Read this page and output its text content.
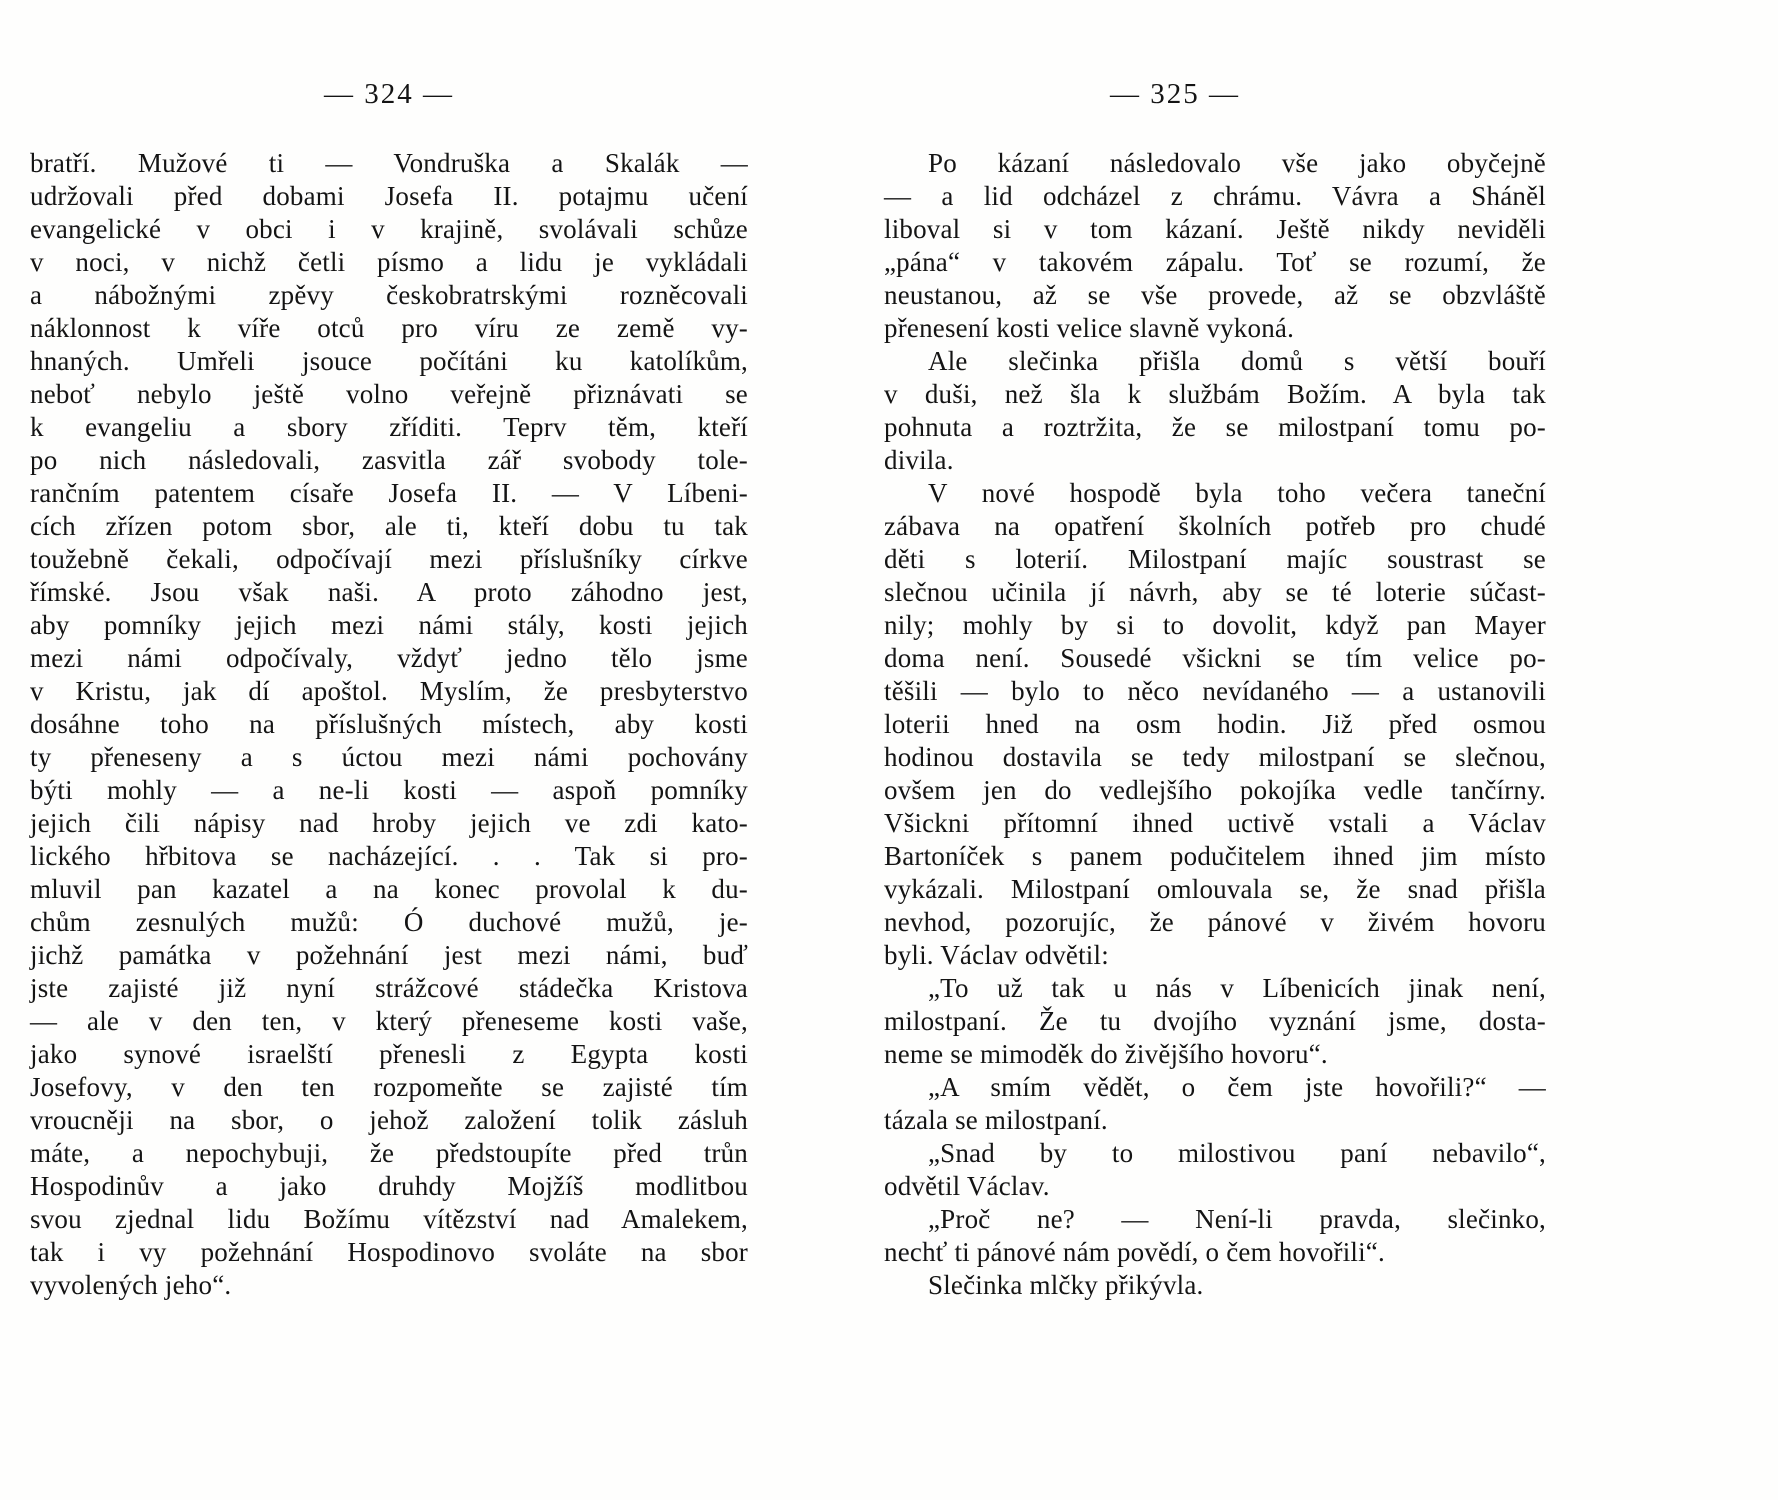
— 324 —
bratří. Mužové ti — Vondruška a Skalák —
udržovali před dobami Josefa II. potajmu učení
evangelické v obci i v krajině, svolávali schůze
v noci, v nichž četli písmo a lidu je vykládali
a nábožnými zpěvy českobratrskými rozněcovali
náklonnost k víře otců pro víru ze země vy-
hnaných. Umřeli jsouce počítáni ku katolíkům,
neboť nebylo ještě volno veřejně přiznávati se
k evangeliu a sbory zříditi. Teprv těm, kteří
po nich následovali, zasvitla zář svobody tole-
rančním patentem císaře Josefa II. — V Líbeni-
cích zřízen potom sbor, ale ti, kteří dobu tu tak
toužebně čekali, odpočívají mezi příslušníky církve
římské. Jsou však naši. A proto záhodno jest,
aby pomníky jejich mezi námi stály, kosti jejich
mezi námi odpočívaly, vždyť jedno tělo jsme
v Kristu, jak dí apoštol. Myslím, že presbyterstvo
dosáhne toho na příslušných místech, aby kosti
ty přeneseny a s úctou mezi námi pochovány
býti mohly — a ne-li kosti — aspoň pomníky
jejich čili nápisy nad hroby jejich ve zdi kato-
lického hřbitova se nacházející. . . Tak si pro-
mluvil pan kazatel a na konec provolal k du-
chům zesnulých mužů: Ó duchové mužů, je-
jichž památka v požehnání jest mezi námi, buď
jste zajisté již nyní strážcové stádečka Kristova
— ale v den ten, v který přeneseme kosti vaše,
jako synové israelští přenesli z Egypta kosti
Josefovy, v den ten rozpomeňte se zajisté tím
vroucněji na sbor, o jehož založení tolik zásluh
máte, a nepochybuji, že předstoupíte před trůn
Hospodinův a jako druhdy Mojžíš modlitbou
svou zjednal lidu Božímu vítězství nad Amalekem,
tak i vy požehnání Hospodinovo svoláte na sbor
vyvolených jeho“.
— 325 —
Po kázaní následovalo vše jako obyčejně
— a lid odcházel z chrámu. Vávra a Sháněl
liboval si v tom kázaní. Ještě nikdy neviděli
„pána“ v takovém zápalu. Toť se rozumí, že
neustanou, až se vše provede, až se obzvláště
přenesení kosti velice slavně vykoná.
Ale slečinka přišla domů s větší bouří
v duši, než šla k službám Božím. A byla tak
pohnuta a roztržita, že se milostpaní tomu po-
divila.
V nové hospodě byla toho večera taneční
zábava na opatření školních potřeb pro chudé
děti s loterií. Milostpaní majíc soustrast se
slečnou učinila jí návrh, aby se té loterie súčast-
nily; mohly by si to dovolit, když pan Mayer
doma není. Sousedé všickni se tím velice po-
těšili — bylo to něco nevídaného — a ustanovili
loterii hned na osm hodin. Již před osmou
hodinou dostavila se tedy milostpaní se slečnou,
ovšem jen do vedlejšího pokojíka vedle tančírny.
Všickni přítomní ihned uctivě vstali a Václav
Bartoníček s panem podučitelem ihned jim místo
vykázali. Milostpaní omlouvala se, že snad přišla
nevhod, pozorujíc, že pánové v živém hovoru
byli. Václav odvětil:
„To už tak u nás v Líbenicích jinak není,
milostpaní. Že tu dvojího vyznání jsme, dosta-
neme se mimoděk do živějšího hovoru“.
„A smím vědět, o čem jste hovořili?“ —
tázala se milostpaní.
„Snad by to milostivou paní nebavilo“,
odvětil Václav.
„Proč ne? — Není-li pravda, slečinko,
nechť ti pánové nám povědí, o čem hovořili“.
Slečinka mlčky přikývla.
